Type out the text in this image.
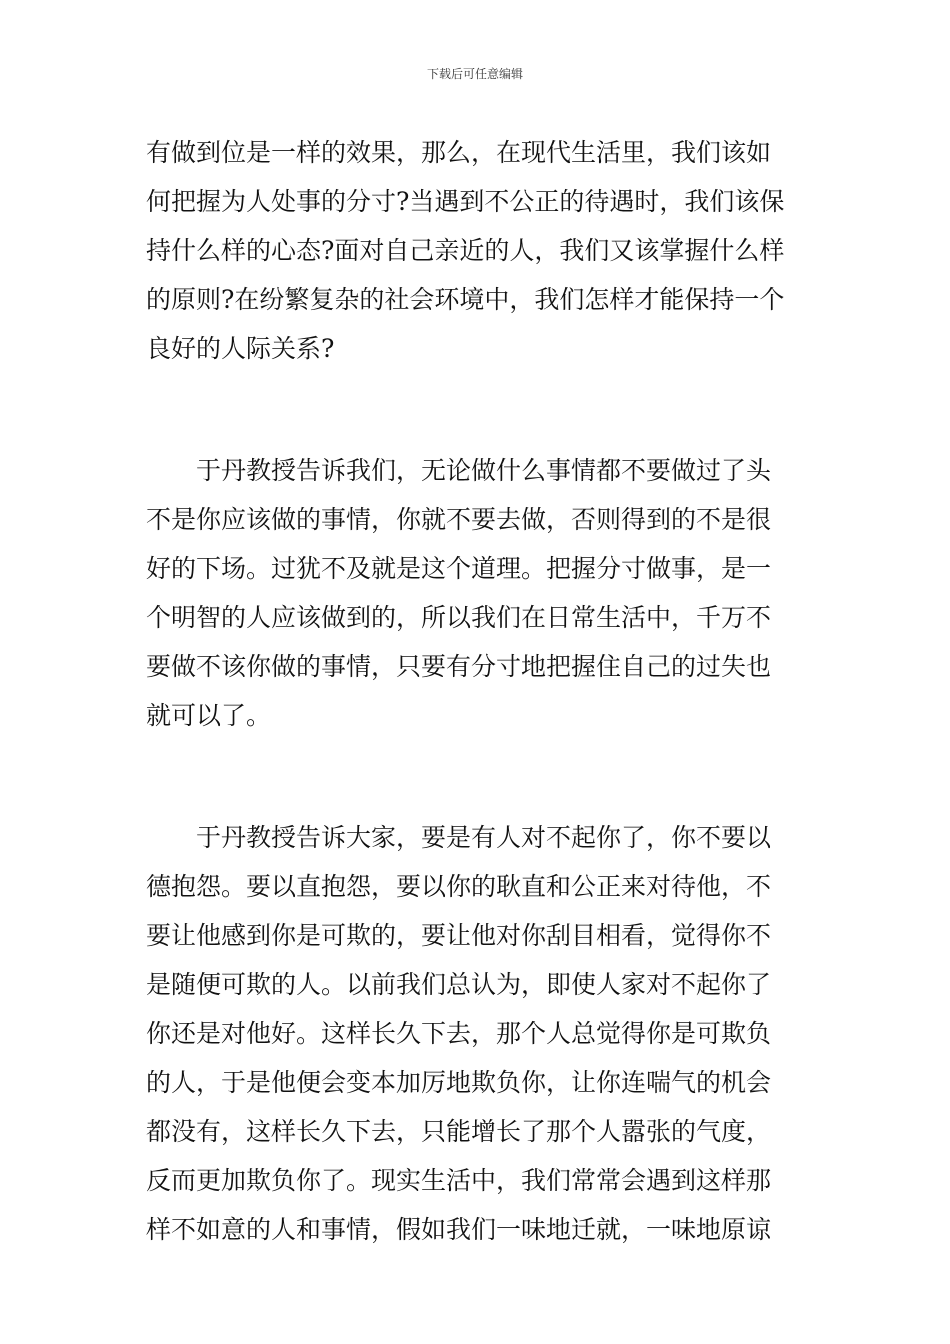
下载后可任意编辑
有做到位是一样的效果，那么，在现代生活里，我们该如
何把握为人处事的分寸?当遇到不公正的待遇时，我们该保
持什么样的心态?面对自己亲近的人，我们又该掌握什么样
的原则?在纷繁复杂的社会环境中，我们怎样才能保持一个
良好的人际关系?
　　于丹教授告诉我们，无论做什么事情都不要做过了头
不是你应该做的事情，你就不要去做，否则得到的不是很
好的下场。过犹不及就是这个道理。把握分寸做事，是一
个明智的人应该做到的，所以我们在日常生活中，千万不
要做不该你做的事情，只要有分寸地把握住自己的过失也
就可以了。
　　于丹教授告诉大家，要是有人对不起你了，你不要以
德抱怨。要以直抱怨，要以你的耿直和公正来对待他，不
要让他感到你是可欺的，要让他对你刮目相看，觉得你不
是随便可欺的人。以前我们总认为，即使人家对不起你了
你还是对他好。这样长久下去，那个人总觉得你是可欺负
的人，于是他便会变本加厉地欺负你，让你连喘气的机会
都没有，这样长久下去，只能增长了那个人嚣张的气度，
反而更加欺负你了。现实生活中，我们常常会遇到这样那
样不如意的人和事情，假如我们一味地迁就，一味地原谅
